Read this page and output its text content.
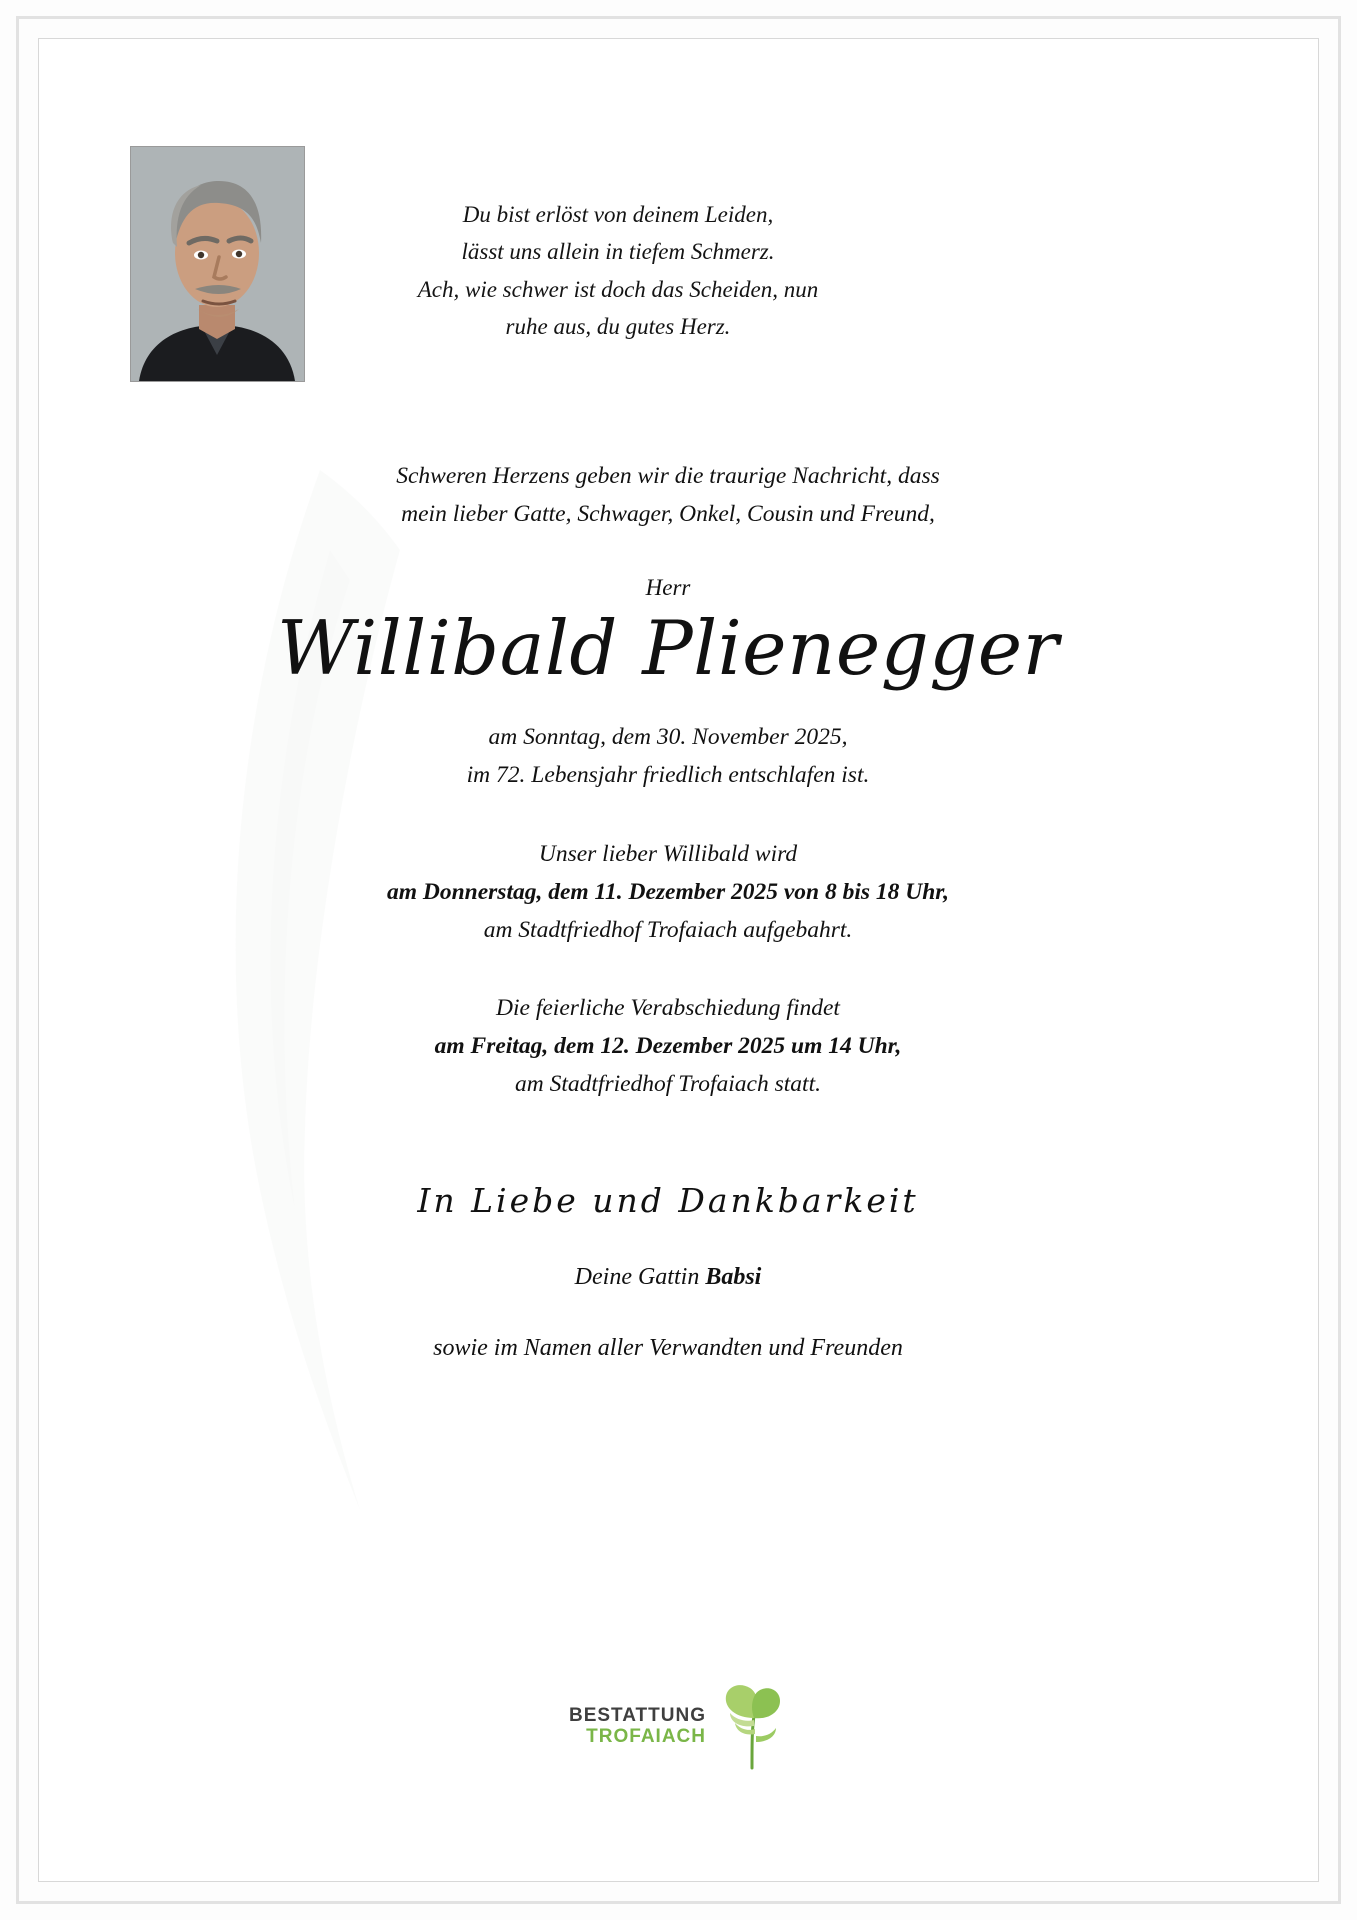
Du bist erlöst von deinem Leiden,
lässt uns allein in tiefem Schmerz.
Ach, wie schwer ist doch das Scheiden, nun
ruhe aus, du gutes Herz.
Schweren Herzens geben wir die traurige Nachricht, dass
mein lieber Gatte, Schwager, Onkel, Cousin und Freund,
Herr
Willibald Plienegger
am Sonntag, dem 30. November 2025,
im 72. Lebensjahr friedlich entschlafen ist.
Unser lieber Willibald wird
am Donnerstag, dem 11. Dezember 2025 von 8 bis 18 Uhr,
am Stadtfriedhof Trofaiach aufgebahrt.
Die feierliche Verabschiedung findet
am Freitag, dem 12. Dezember 2025 um 14 Uhr,
am Stadtfriedhof Trofaiach statt.
In Liebe und Dankbarkeit
Deine Gattin Babsi
sowie im Namen aller Verwandten und Freunden
BESTATTUNG
TROFAIACH
